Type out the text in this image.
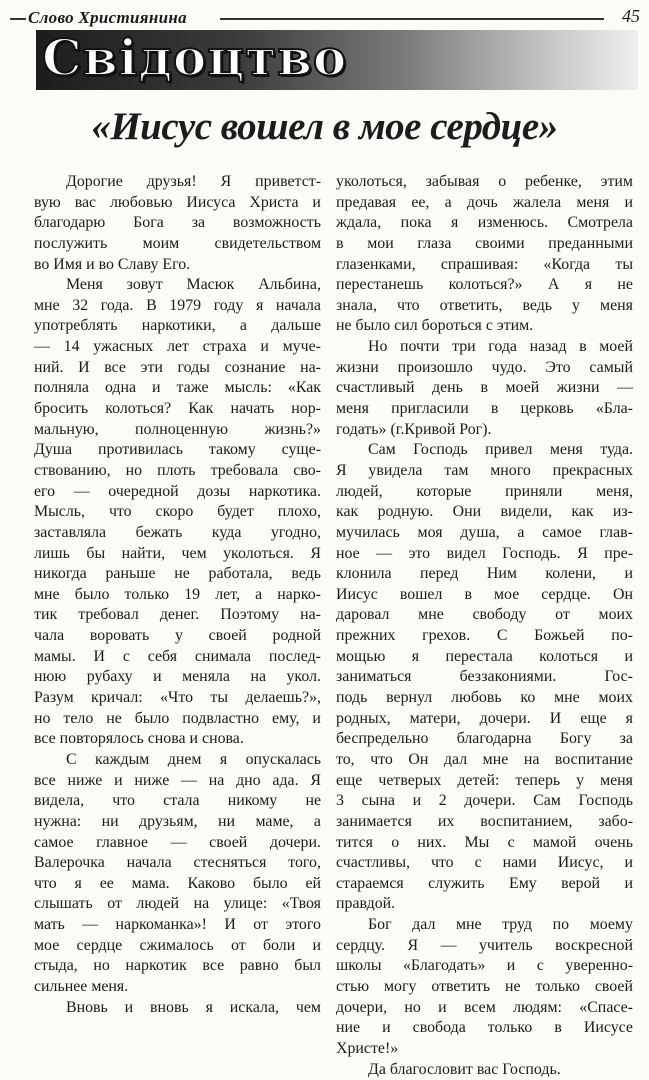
Слово Християнина	45
Свідоцтво
«Иисус вошел в мое сердце»
Дорогие друзья! Я приветст-
вую вас любовью Иисуса Христа и
благодарю Бога за возможность
послужить моим свидетельством
во Имя и во Славу Его.
Меня зовут Масюк Альбина,
мне 32 года. В 1979 году я начала
употреблять наркотики, а дальше
— 14 ужасных лет страха и муче-
ний. И все эти годы сознание на-
полняла одна и таже мысль: «Как
бросить колоться? Как начать нор-
мальную, полноценную жизнь?»
Душа противилась такому суще-
ствованию, но плоть требовала сво-
его — очередной дозы наркотика.
Мысль, что скоро будет плохо,
заставляла бежать куда угодно,
лишь бы найти, чем уколоться. Я
никогда раньше не работала, ведь
мне было только 19 лет, а нарко-
тик требовал денег. Поэтому на-
чала воровать у своей родной
мамы. И с себя снимала послед-
нюю рубаху и меняла на укол.
Разум кричал: «Что ты делаешь?»,
но тело не было подвластно ему, и
все повторялось снова и снова.
С каждым днем я опускалась
все ниже и ниже — на дно ада. Я
видела, что стала никому не
нужна: ни друзьям, ни маме, а
самое главное — своей дочери.
Валерочка начала стесняться того,
что я ее мама. Каково было ей
слышать от людей на улице: «Твоя
мать — наркоманка»! И от этого
мое сердце сжималось от боли и
стыда, но наркотик все равно был
сильнее меня.
Вновь и вновь я искала, чем
уколоться, забывая о ребенке, этим
предавая ее, а дочь жалела меня и
ждала, пока я изменюсь. Смотрела
в мои глаза своими преданными
глазенками, спрашивая: «Когда ты
перестанешь колоться?» А я не
знала, что ответить, ведь у меня
не было сил бороться с этим.
Но почти три года назад в моей
жизни произошло чудо. Это самый
счастливый день в моей жизни —
меня пригласили в церковь «Бла-
годать» (г.Кривой Рог).
Сам Господь привел меня туда.
Я увидела там много прекрасных
людей, которые приняли меня,
как родную. Они видели, как из-
мучилась моя душа, а самое глав-
ное — это видел Господь. Я пре-
клонила перед Ним колени, и
Иисус вошел в мое сердце. Он
даровал мне свободу от моих
прежних грехов. С Божьей по-
мощью я перестала колоться и
заниматься	беззакониями.	Гос-
подь вернул любовь ко мне моих
родных, матери, дочери. И еще я
беспредельно благодарна Богу за
то, что Он дал мне на воспитание
еще четверых детей: теперь у меня
3 сына и 2 дочери. Сам Господь
занимается их воспитанием, забо-
тится о них. Мы с мамой очень
счастливы, что с нами Иисус, и
стараемся служить Ему верой и
правдой.
Бог дал мне труд по моему
сердцу. Я — учитель воскресной
школы «Благодать» и с уверенно-
стью могу ответить не только своей
дочери, но и всем людям: «Спасе-
ние и свобода только в Иисусе
Христе!»
Да благословит вас Господь.
